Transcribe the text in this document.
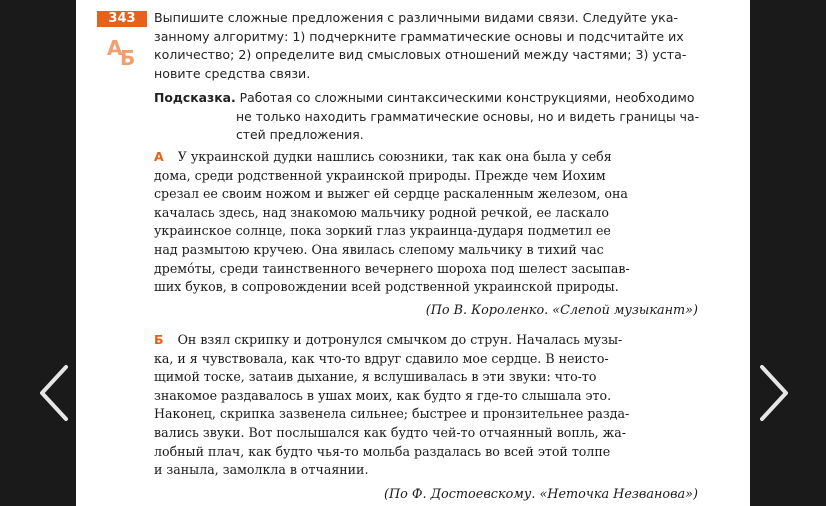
343
А
Б
Выпишите сложные предложения с различными видами связи. Следуйте ука-
занному алгоритму: 1) подчеркните грамматические основы и подсчитайте их
количество; 2) определите вид смысловых отношений между частями; 3) уста-
новите средства связи.
Подсказка. Работая со сложными синтаксическими конструкциями, необходимо
не только находить грамматические основы, но и видеть границы ча-
стей предложения.
А У украинской дудки нашлись союзники, так как она была у себя
дома, среди родственной украинской природы. Прежде чем Иохим
срезал ее своим ножом и выжег ей сердце раскаленным железом, она
качалась здесь, над знакомою мальчику родной речкой, ее ласкало
украинское солнце, пока зоркий глаз украинца-дударя подметил ее
над размытою кручею. Она явилась слепому мальчику в тихий час
дремо́ты, среди таинственного вечернего шороха под шелест засыпав-
ших буков, в сопровождении всей родственной украинской природы.
(По В. Короленко. «Слепой музыкант»)
Б Он взял скрипку и дотронулся смычком до струн. Началась музы-
ка, и я чувствовала, как что-то вдруг сдавило мое сердце. В неисто-
щимой тоске, затаив дыхание, я вслушивалась в эти звуки: что-то
знакомое раздавалось в ушах моих, как будто я где-то слышала это.
Наконец, скрипка зазвенела сильнее; быстрее и пронзительнее разда-
вались звуки. Вот послышался как будто чей-то отчаянный вопль, жа-
лобный плач, как будто чья-то мольба раздалась во всей этой толпе
и заныла, замолкла в отчаянии.
(По Ф. Достоевскому. «Неточка Незванова»)
